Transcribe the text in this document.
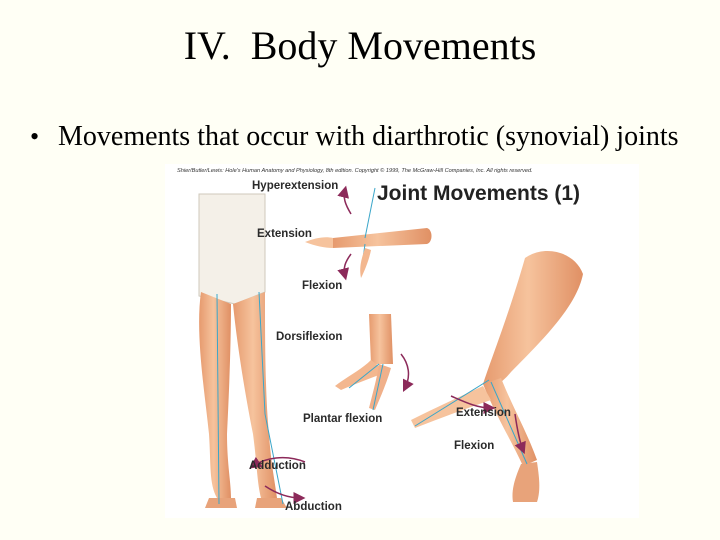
IV.  Body Movements
• Movements that occur with diarthrotic (synovial) joints
Shier/Butler/Lewis: Hole's Human Anatomy and Physiology, 8th edition. Copyright © 1999, The McGraw-Hill Companies, Inc. All rights reserved.
Joint Movements (1)
Hyperextension
Extension
Flexion
Dorsiflexion
Plantar flexion	Extension
Flexion
Adduction
Abduction
